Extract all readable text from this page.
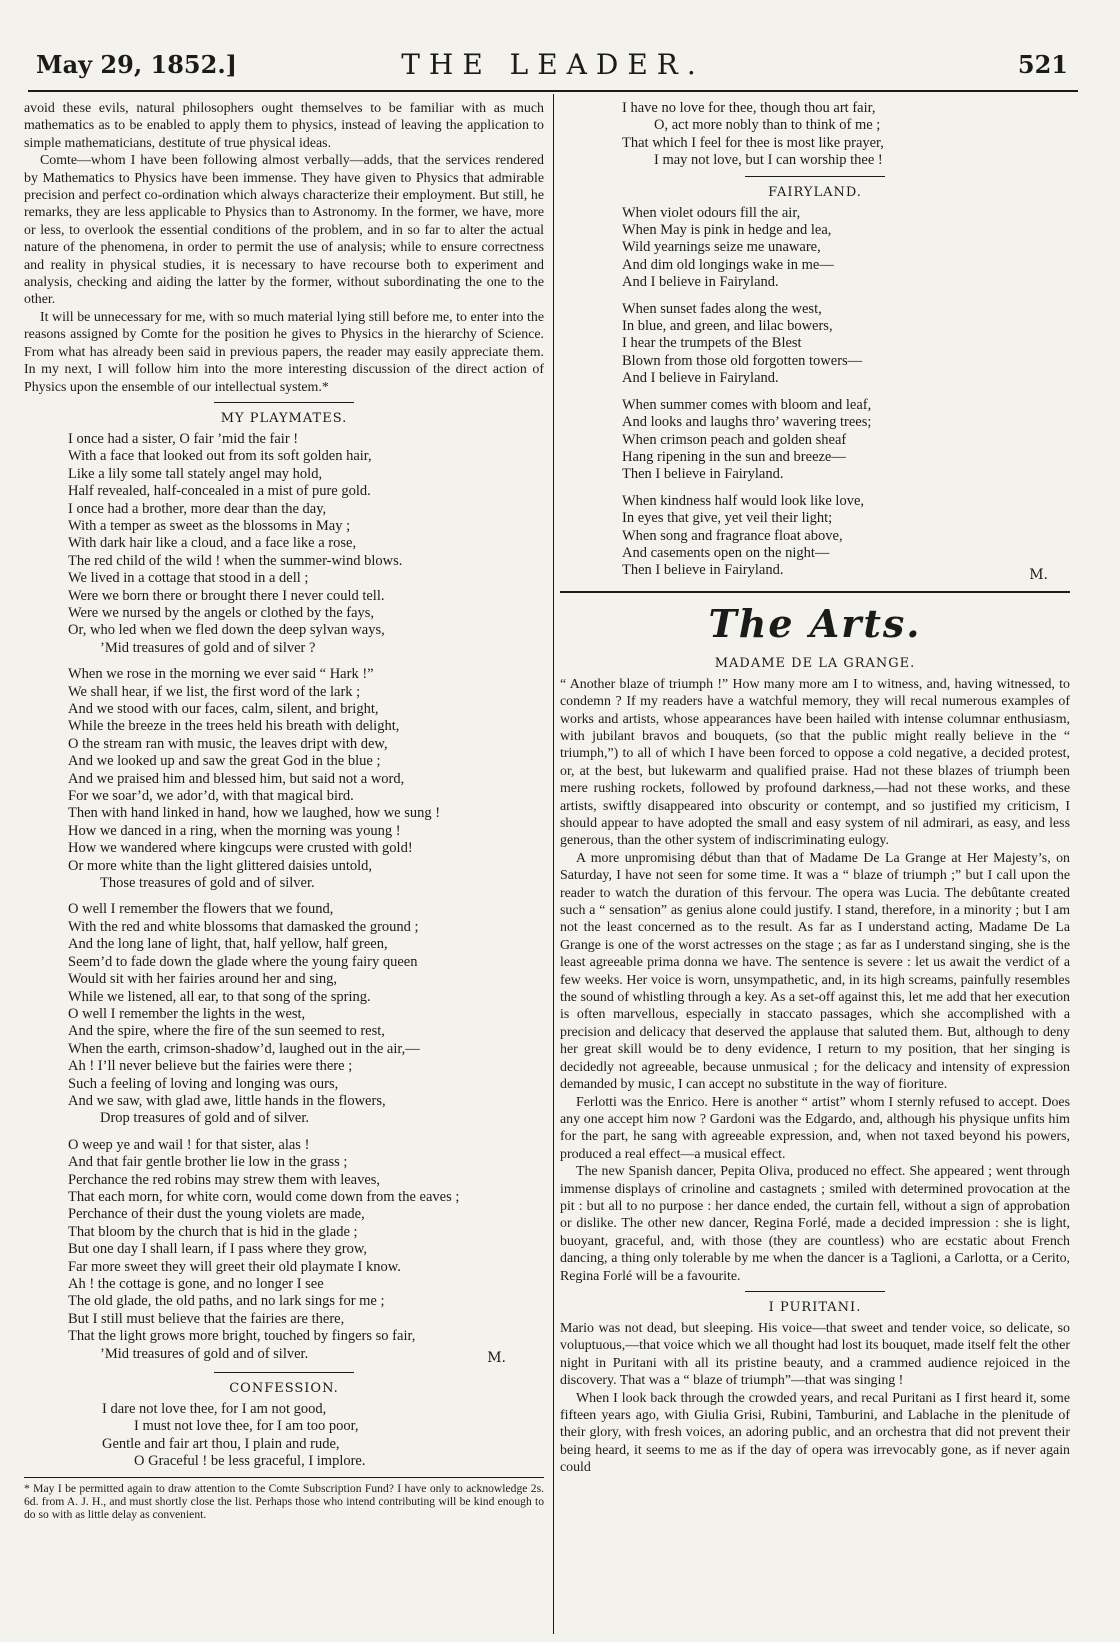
May 29, 1852.]	THE LEADER.	521

avoid these evils, natural philosophers ought themselves to be familiar with as much mathematics as to be enabled to apply them to physics, instead of leaving the application to simple mathematicians, destitute of true physical ideas.

Comte—whom I have been following almost verbally—adds, that the services rendered by Mathematics to Physics have been immense. They have given to Physics that admirable precision and perfect co-ordination which always characterize their employment. But still, he remarks, they are less applicable to Physics than to Astronomy. In the former, we have, more or less, to overlook the essential conditions of the problem, and in so far to alter the actual nature of the phenomena, in order to permit the use of analysis; while to ensure correctness and reality in physical studies, it is necessary to have recourse both to experiment and analysis, checking and aiding the latter by the former, without subordinating the one to the other.

It will be unnecessary for me, with so much material lying still before me, to enter into the reasons assigned by Comte for the position he gives to Physics in the hierarchy of Science. From what has already been said in previous papers, the reader may easily appreciate them. In my next, I will follow him into the more interesting discussion of the direct action of Physics upon the ensemble of our intellectual system.*

MY PLAYMATES.
I once had a sister, O fair ’mid the fair !
With a face that looked out from its soft golden hair,
Like a lily some tall stately angel may hold,
Half revealed, half-concealed in a mist of pure gold.
I once had a brother, more dear than the day,
With a temper as sweet as the blossoms in May ;
With dark hair like a cloud, and a face like a rose,
The red child of the wild ! when the summer-wind blows.
We lived in a cottage that stood in a dell ;
Were we born there or brought there I never could tell.
Were we nursed by the angels or clothed by the fays,
Or, who led when we fled down the deep sylvan ways,
’Mid treasures of gold and of silver ?
When we rose in the morning we ever said “ Hark !”
We shall hear, if we list, the first word of the lark ;
And we stood with our faces, calm, silent, and bright,
While the breeze in the trees held his breath with delight,
O the stream ran with music, the leaves dript with dew,
And we looked up and saw the great God in the blue ;
And we praised him and blessed him, but said not a word,
For we soar’d, we ador’d, with that magical bird.
Then with hand linked in hand, how we laughed, how we sung !
How we danced in a ring, when the morning was young !
How we wandered where kingcups were crusted with gold!
Or more white than the light glittered daisies untold,
Those treasures of gold and of silver.
O well I remember the flowers that we found,
With the red and white blossoms that damasked the ground ;
And the long lane of light, that, half yellow, half green,
Seem’d to fade down the glade where the young fairy queen
Would sit with her fairies around her and sing,
While we listened, all ear, to that song of the spring.
O well I remember the lights in the west,
And the spire, where the fire of the sun seemed to rest,
When the earth, crimson-shadow’d, laughed out in the air,—
Ah ! I’ll never believe but the fairies were there ;
Such a feeling of loving and longing was ours,
And we saw, with glad awe, little hands in the flowers,
Drop treasures of gold and of silver.
O weep ye and wail ! for that sister, alas !
And that fair gentle brother lie low in the grass ;
Perchance the red robins may strew them with leaves,
That each morn, for white corn, would come down from the eaves ;
Perchance of their dust the young violets are made,
That bloom by the church that is hid in the glade ;
But one day I shall learn, if I pass where they grow,
Far more sweet they will greet their old playmate I know.
Ah ! the cottage is gone, and no longer I see
The old glade, the old paths, and no lark sings for me ;
But I still must believe that the fairies are there,
That the light grows more bright, touched by fingers so fair,
’Mid treasures of gold and of silver.	M.
CONFESSION.
I dare not love thee, for I am not good,
I must not love thee, for I am too poor,
Gentle and fair art thou, I plain and rude,
O Graceful ! be less graceful, I implore.
* May I be permitted again to draw attention to the Comte Subscription Fund? I have only to acknowledge 2s. 6d. from A. J. H., and must shortly close the list. Perhaps those who intend contributing will be kind enough to do so with as little delay as convenient.
I have no love for thee, though thou art fair,
O, act more nobly than to think of me ;
That which I feel for thee is most like prayer,
I may not love, but I can worship thee !
FAIRYLAND.
When violet odours fill the air,
When May is pink in hedge and lea,
Wild yearnings seize me unaware,
And dim old longings wake in me—
And I believe in Fairyland.
When sunset fades along the west,
In blue, and green, and lilac bowers,
I hear the trumpets of the Blest
Blown from those old forgotten towers—
And I believe in Fairyland.
When summer comes with bloom and leaf,
And looks and laughs thro’ wavering trees;
When crimson peach and golden sheaf
Hang ripening in the sun and breeze—
Then I believe in Fairyland.
When kindness half would look like love,
In eyes that give, yet veil their light;
When song and fragrance float above,
And casements open on the night—
Then I believe in Fairyland.	M.
The Arts.
MADAME DE LA GRANGE.

“ Another blaze of triumph !” How many more am I to witness, and, having witnessed, to condemn ? If my readers have a watchful memory, they will recal numerous examples of works and artists, whose appearances have been hailed with intense columnar enthusiasm, with jubilant bravos and bouquets, (so that the public might really believe in the “ triumph,”) to all of which I have been forced to oppose a cold negative, a decided protest, or, at the best, but lukewarm and qualified praise. Had not these blazes of triumph been mere rushing rockets, followed by profound darkness,—had not these works, and these artists, swiftly disappeared into obscurity or contempt, and so justified my criticism, I should appear to have adopted the small and easy system of nil admirari, as easy, and less generous, than the other system of indiscriminating eulogy.

A more unpromising début than that of Madame De La Grange at Her Majesty’s, on Saturday, I have not seen for some time. It was a “ blaze of triumph ;” but I call upon the reader to watch the duration of this fervour. The opera was Lucia. The debûtante created such a “ sensation” as genius alone could justify. I stand, therefore, in a minority ; but I am not the least concerned as to the result. As far as I understand acting, Madame De La Grange is one of the worst actresses on the stage ; as far as I understand singing, she is the least agreeable prima donna we have. The sentence is severe : let us await the verdict of a few weeks. Her voice is worn, unsympathetic, and, in its high screams, painfully resembles the sound of whistling through a key. As a set-off against this, let me add that her execution is often marvellous, especially in staccato passages, which she accomplished with a precision and delicacy that deserved the applause that saluted them. But, although to deny her great skill would be to deny evidence, I return to my position, that her singing is decidedly not agreeable, because unmusical ; for the delicacy and intensity of expression demanded by music, I can accept no substitute in the way of fioriture.

Ferlotti was the Enrico. Here is another “ artist” whom I sternly refused to accept. Does any one accept him now ? Gardoni was the Edgardo, and, although his physique unfits him for the part, he sang with agreeable expression, and, when not taxed beyond his powers, produced a real effect—a musical effect.

The new Spanish dancer, Pepita Oliva, produced no effect. She appeared ; went through immense displays of crinoline and castagnets ; smiled with determined provocation at the pit : but all to no purpose : her dance ended, the curtain fell, without a sign of approbation or dislike. The other new dancer, Regina Forlé, made a decided impression : she is light, buoyant, graceful, and, with those (they are countless) who are ecstatic about French dancing, a thing only tolerable by me when the dancer is a Taglioni, a Carlotta, or a Cerito, Regina Forlé will be a favourite.

I PURITANI.

Mario was not dead, but sleeping. His voice—that sweet and tender voice, so delicate, so voluptuous,—that voice which we all thought had lost its bouquet, made itself felt the other night in Puritani with all its pristine beauty, and a crammed audience rejoiced in the discovery. That was a “ blaze of triumph”—that was singing !

When I look back through the crowded years, and recal Puritani as I first heard it, some fifteen years ago, with Giulia Grisi, Rubini, Tamburini, and Lablache in the plenitude of their glory, with fresh voices, an adoring public, and an orchestra that did not prevent their being heard, it seems to me as if the day of opera was irrevocably gone, as if never again could
